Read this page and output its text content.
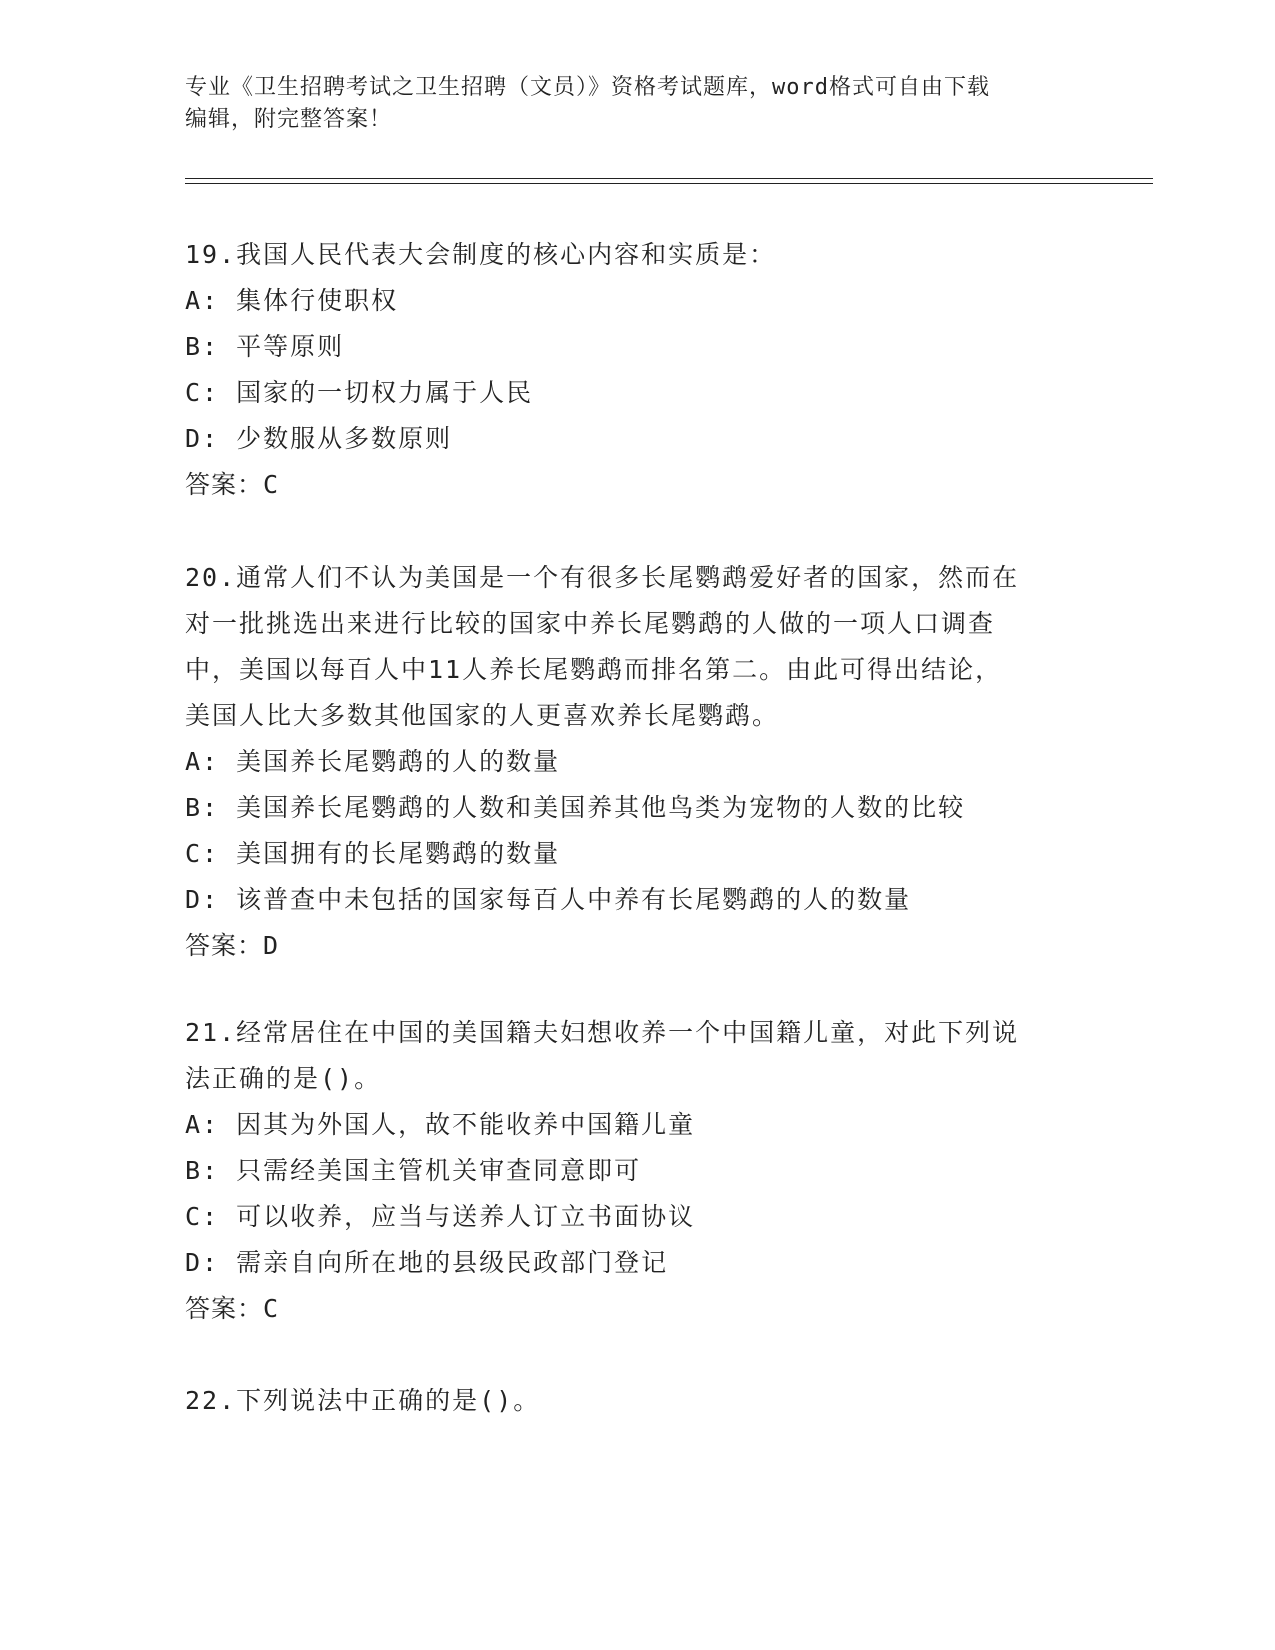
专业《卫生招聘考试之卫生招聘（文员）》资格考试题库，word格式可自由下载
编辑，附完整答案！

19.我国人民代表大会制度的核心内容和实质是：

A: 集体行使职权

B: 平等原则

C: 国家的一切权力属于人民

D: 少数服从多数原则

答案：C

20.通常人们不认为美国是一个有很多长尾鹦鹉爱好者的国家，然而在

对一批挑选出来进行比较的国家中养长尾鹦鹉的人做的一项人口调查

中，美国以每百人中11人养长尾鹦鹉而排名第二。由此可得出结论，

美国人比大多数其他国家的人更喜欢养长尾鹦鹉。

A: 美国养长尾鹦鹉的人的数量

B: 美国养长尾鹦鹉的人数和美国养其他鸟类为宠物的人数的比较

C: 美国拥有的长尾鹦鹉的数量

D: 该普查中未包括的国家每百人中养有长尾鹦鹉的人的数量

答案：D

21.经常居住在中国的美国籍夫妇想收养一个中国籍儿童，对此下列说

法正确的是()。

A: 因其为外国人，故不能收养中国籍儿童

B: 只需经美国主管机关审查同意即可

C: 可以收养，应当与送养人订立书面协议

D: 需亲自向所在地的县级民政部门登记

答案：C

22.下列说法中正确的是()。
